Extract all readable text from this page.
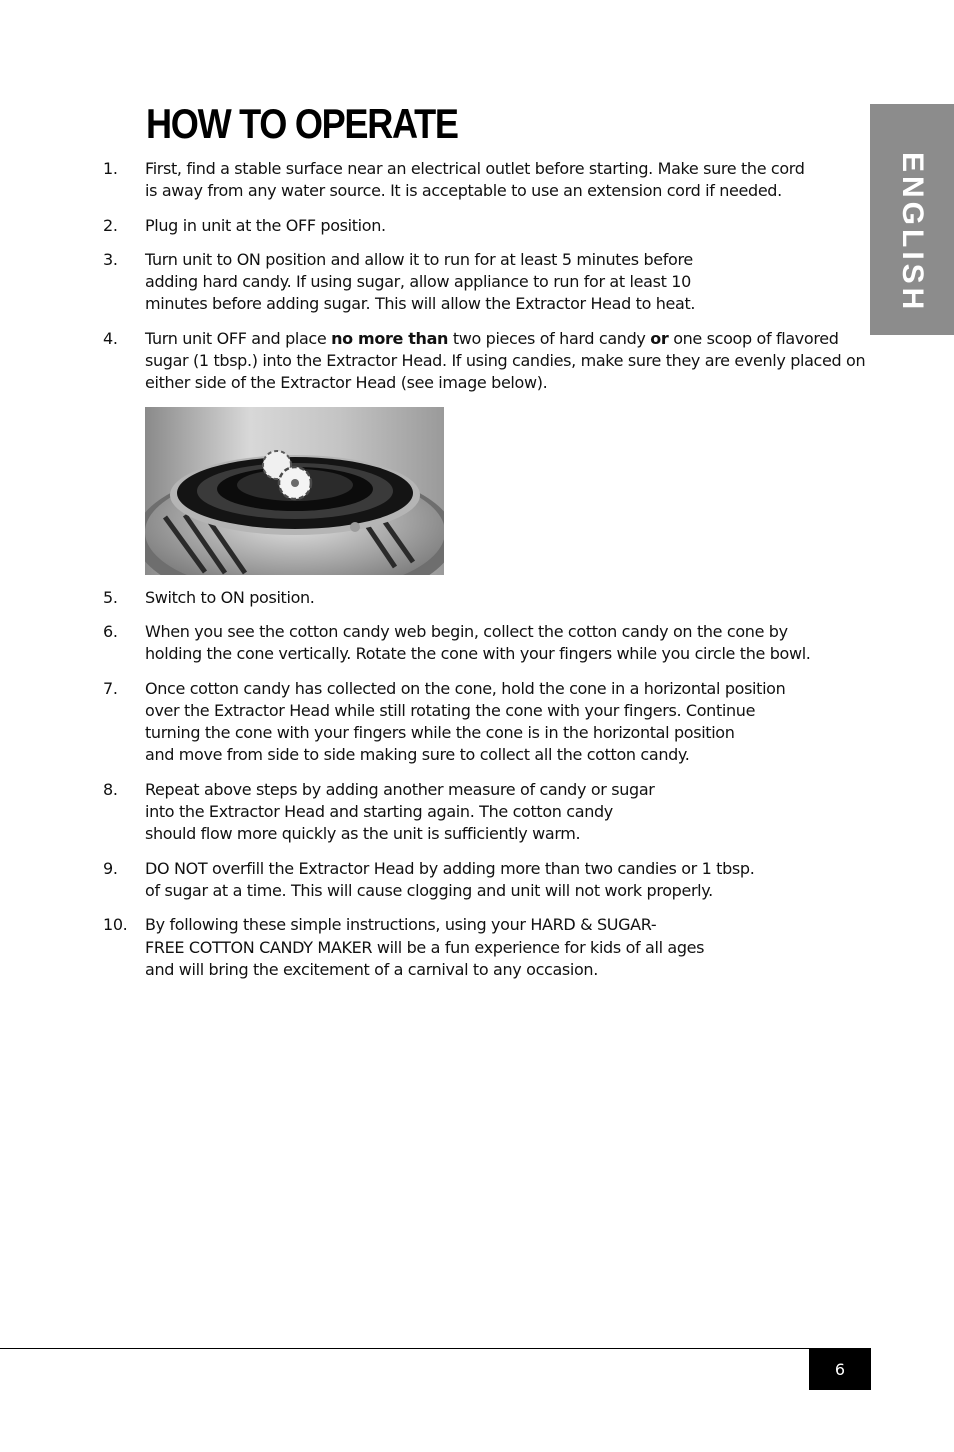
HOW TO OPERATE
ENGLISH
1. First, find a stable surface near an electrical outlet before starting. Make sure the cord
is away from any water source. It is acceptable to use an extension cord if needed.
2. Plug in unit at the OFF position.
3. Turn unit to ON position and allow it to run for at least 5 minutes before
adding hard candy. If using sugar, allow appliance to run for at least 10
minutes before adding sugar. This will allow the Extractor Head to heat.
4. Turn unit OFF and place no more than two pieces of hard candy or one scoop of flavored
sugar (1 tbsp.) into the Extractor Head. If using candies, make sure they are evenly placed on
either side of the Extractor Head (see image below).
5. Switch to ON position.
6. When you see the cotton candy web begin, collect the cotton candy on the cone by
holding the cone vertically. Rotate the cone with your fingers while you circle the bowl.
7. Once cotton candy has collected on the cone, hold the cone in a horizontal position
over the Extractor Head while still rotating the cone with your fingers. Continue
turning the cone with your fingers while the cone is in the horizontal position
and move from side to side making sure to collect all the cotton candy.
8. Repeat above steps by adding another measure of candy or sugar
into the Extractor Head and starting again. The cotton candy
should flow more quickly as the unit is sufficiently warm.
9. DO NOT overfill the Extractor Head by adding more than two candies or 1 tbsp.
of sugar at a time. This will cause clogging and unit will not work properly.
10. By following these simple instructions, using your HARD & SUGAR-
FREE COTTON CANDY MAKER will be a fun experience for kids of all ages
and will bring the excitement of a carnival to any occasion.
6
